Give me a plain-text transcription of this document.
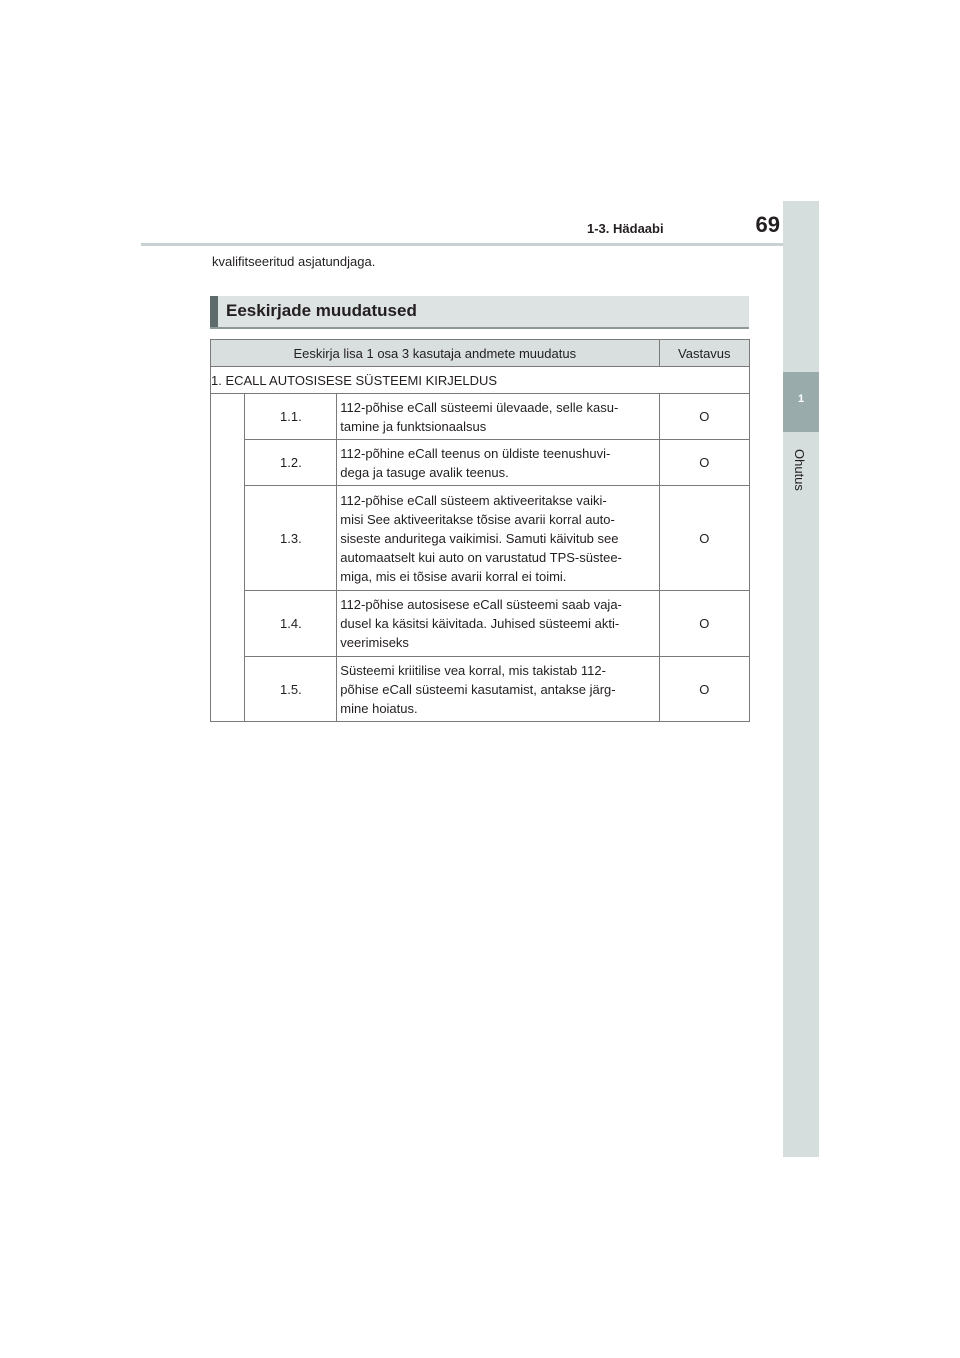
1-3. Hädaabi	69
1
Ohutus
kvalifitseeritud asjatundjaga.
Eeskirjade muudatused
Eeskirja lisa 1 osa 3 kasutaja andmete muudatus			Vastavus
1. ECALL AUTOSISESE SÜSTEEMI KIRJELDUS			
	1.1.	112-põhise eCall süsteemi ülevaade, selle kasu-
tamine ja funktsionaalsus	O
	1.2.	112-põhine eCall teenus on üldiste teenushuvi-
dega ja tasuge avalik teenus.	O
	1.3.	112-põhise eCall süsteem aktiveeritakse vaiki-
misi See aktiveeritakse tõsise avarii korral auto-
siseste anduritega vaikimisi. Samuti käivitub see
automaatselt kui auto on varustatud TPS-süstee-
miga, mis ei tõsise avarii korral ei toimi.	O
	1.4.	112-põhise autosisese eCall süsteemi saab vaja-
dusel ka käsitsi käivitada. Juhised süsteemi akti-
veerimiseks	O
	1.5.	Süsteemi kriitilise vea korral, mis takistab 112-
põhise eCall süsteemi kasutamist, antakse järg-
mine hoiatus.	O
